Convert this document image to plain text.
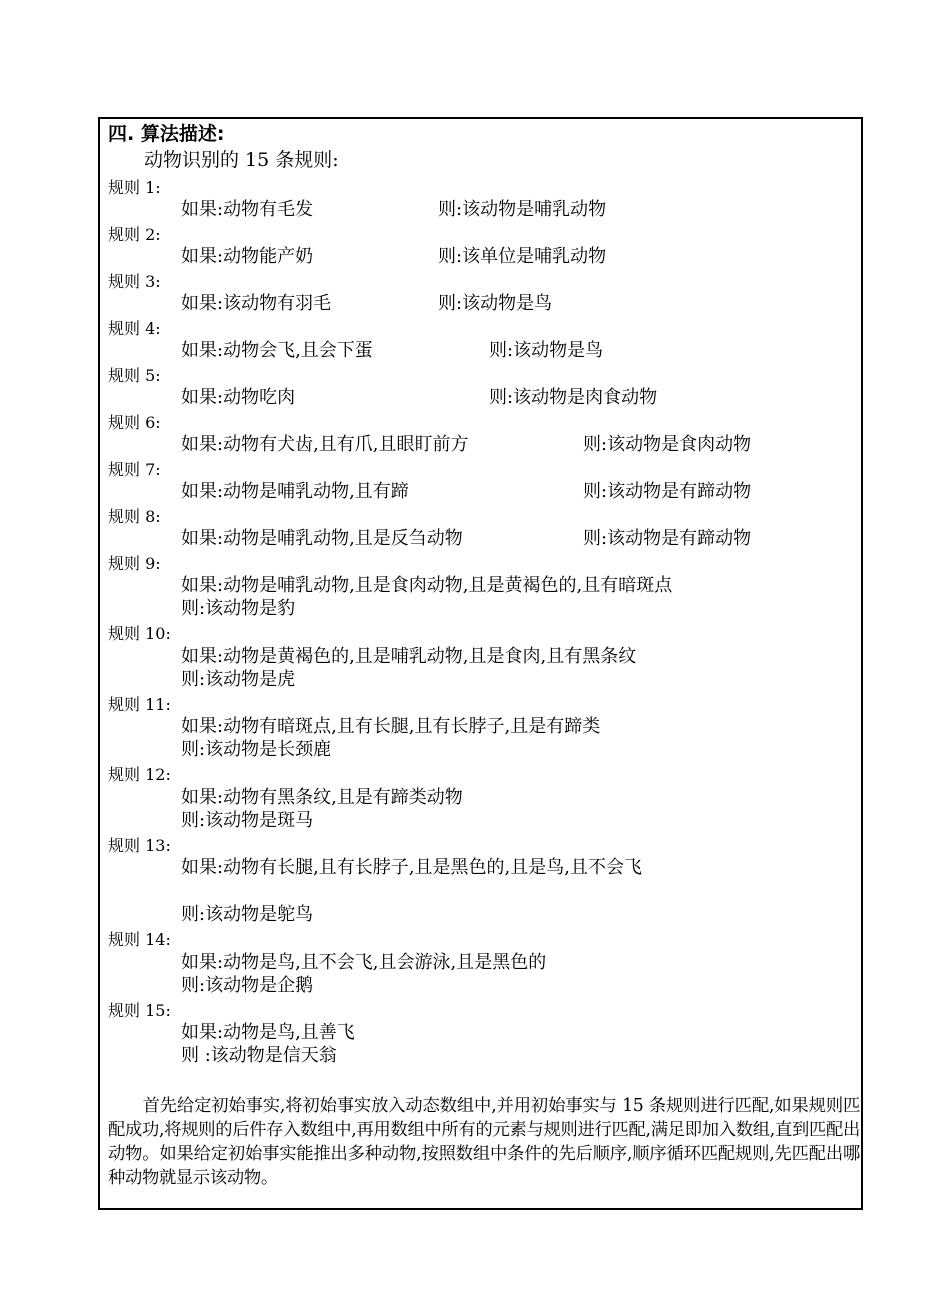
四. 算法描述:
动物识别的 15 条规则:
规则 1:
如果:动物有毛发	则:该动物是哺乳动物
规则 2:
如果:动物能产奶	则:该单位是哺乳动物
规则 3:
如果:该动物有羽毛	则:该动物是鸟
规则 4:
如果:动物会飞,且会下蛋	则:该动物是鸟
规则 5:
如果:动物吃肉	则:该动物是肉食动物
规则 6:
如果:动物有犬齿,且有爪,且眼盯前方	则:该动物是食肉动物
规则 7:
如果:动物是哺乳动物,且有蹄	则:该动物是有蹄动物
规则 8:
如果:动物是哺乳动物,且是反刍动物	则:该动物是有蹄动物
规则 9:
如果:动物是哺乳动物,且是食肉动物,且是黄褐色的,且有暗斑点
则:该动物是豹
规则 10:
如果:动物是黄褐色的,且是哺乳动物,且是食肉,且有黑条纹
则:该动物是虎
规则 11:
如果:动物有暗斑点,且有长腿,且有长脖子,且是有蹄类
则:该动物是长颈鹿
规则 12:
如果:动物有黑条纹,且是有蹄类动物
则:该动物是斑马
规则 13:
如果:动物有长腿,且有长脖子,且是黑色的,且是鸟,且不会飞
则:该动物是鸵鸟
规则 14:
如果:动物是鸟,且不会飞,且会游泳,且是黑色的
则:该动物是企鹅
规则 15:
如果:动物是鸟,且善飞
则 :该动物是信天翁
首先给定初始事实,将初始事实放入动态数组中,并用初始事实与 15 条规则进行匹配,如果规则匹配成功,将规则的后件存入数组中,再用数组中所有的元素与规则进行匹配,满足即加入数组,直到匹配出动物。如果给定初始事实能推出多种动物,按照数组中条件的先后顺序,顺序循环匹配规则,先匹配出哪种动物就显示该动物。
